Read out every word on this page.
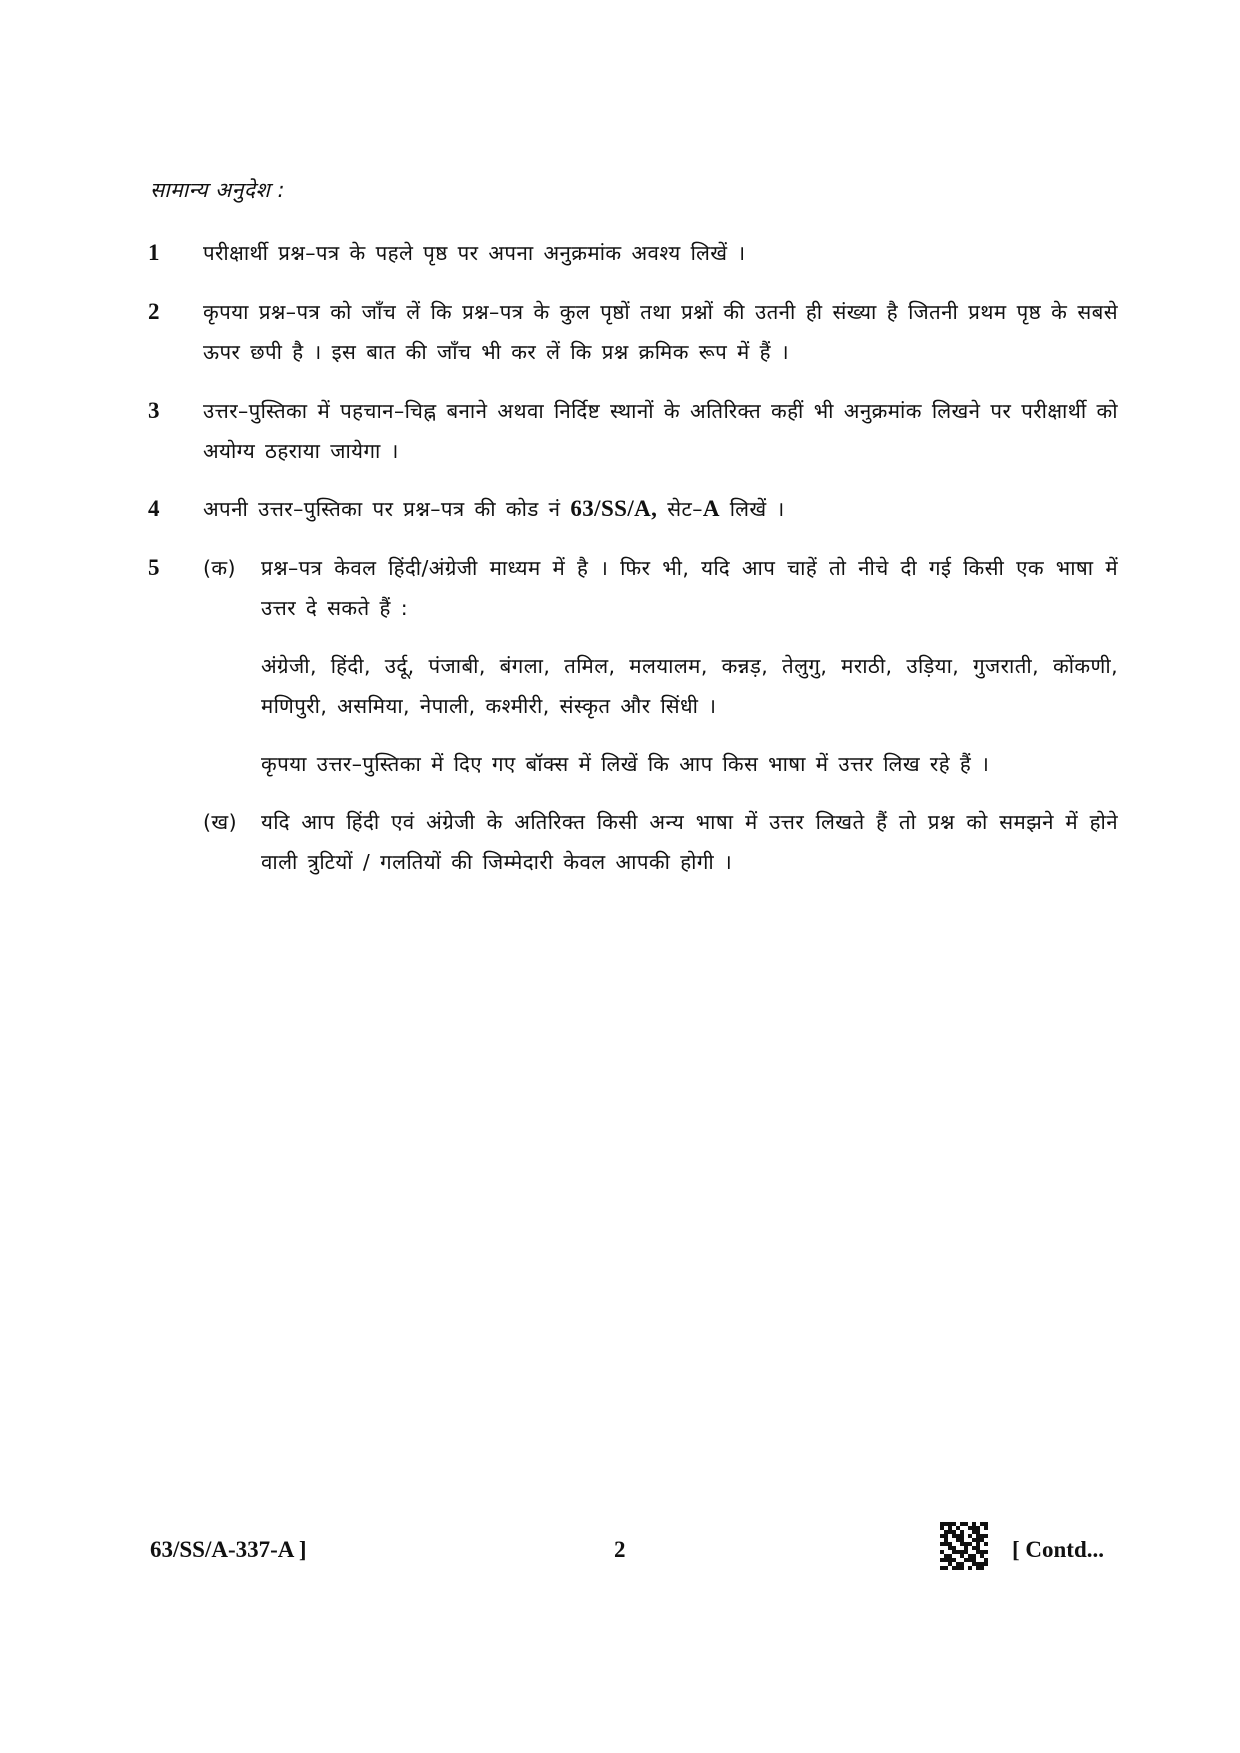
सामान्य अनुदेश :
1	परीक्षार्थी प्रश्न–पत्र के पहले पृष्ठ पर अपना अनुक्रमांक अवश्य लिखें ।
2	कृपया प्रश्न–पत्र को जाँच लें कि प्रश्न–पत्र के कुल पृष्ठों तथा प्रश्नों की उतनी ही संख्या है जितनी प्रथम पृष्ठ के सबसे ऊपर छपी है । इस बात की जाँच भी कर लें कि प्रश्न क्रमिक रूप में हैं ।
3	उत्तर–पुस्तिका में पहचान–चिह्न बनाने अथवा निर्दिष्ट स्थानों के अतिरिक्त कहीं भी अनुक्रमांक लिखने पर परीक्षार्थी को अयोग्य ठहराया जायेगा ।
4	अपनी उत्तर–पुस्तिका पर प्रश्न–पत्र की कोड नं 63/SS/A, सेट–A लिखें ।
5	(क)	प्रश्न–पत्र केवल हिंदी/अंग्रेजी माध्यम में है । फिर भी, यदि आप चाहें तो नीचे दी गई किसी एक भाषा में उत्तर दे सकते हैं :
अंग्रेजी, हिंदी, उर्दू, पंजाबी, बंगला, तमिल, मलयालम, कन्नड़, तेलुगु, मराठी, उड़िया, गुजराती, कोंकणी, मणिपुरी, असमिया, नेपाली, कश्मीरी, संस्कृत और सिंधी ।
कृपया उत्तर–पुस्तिका में दिए गए बॉक्स में लिखें कि आप किस भाषा में उत्तर लिख रहे हैं ।
(ख)	यदि आप हिंदी एवं अंग्रेजी के अतिरिक्त किसी अन्य भाषा में उत्तर लिखते हैं तो प्रश्न को समझने में होने वाली त्रुटियों / गलतियों की जिम्मेदारी केवल आपकी होगी ।
63/SS/A-337-A ]	2	[ Contd...
